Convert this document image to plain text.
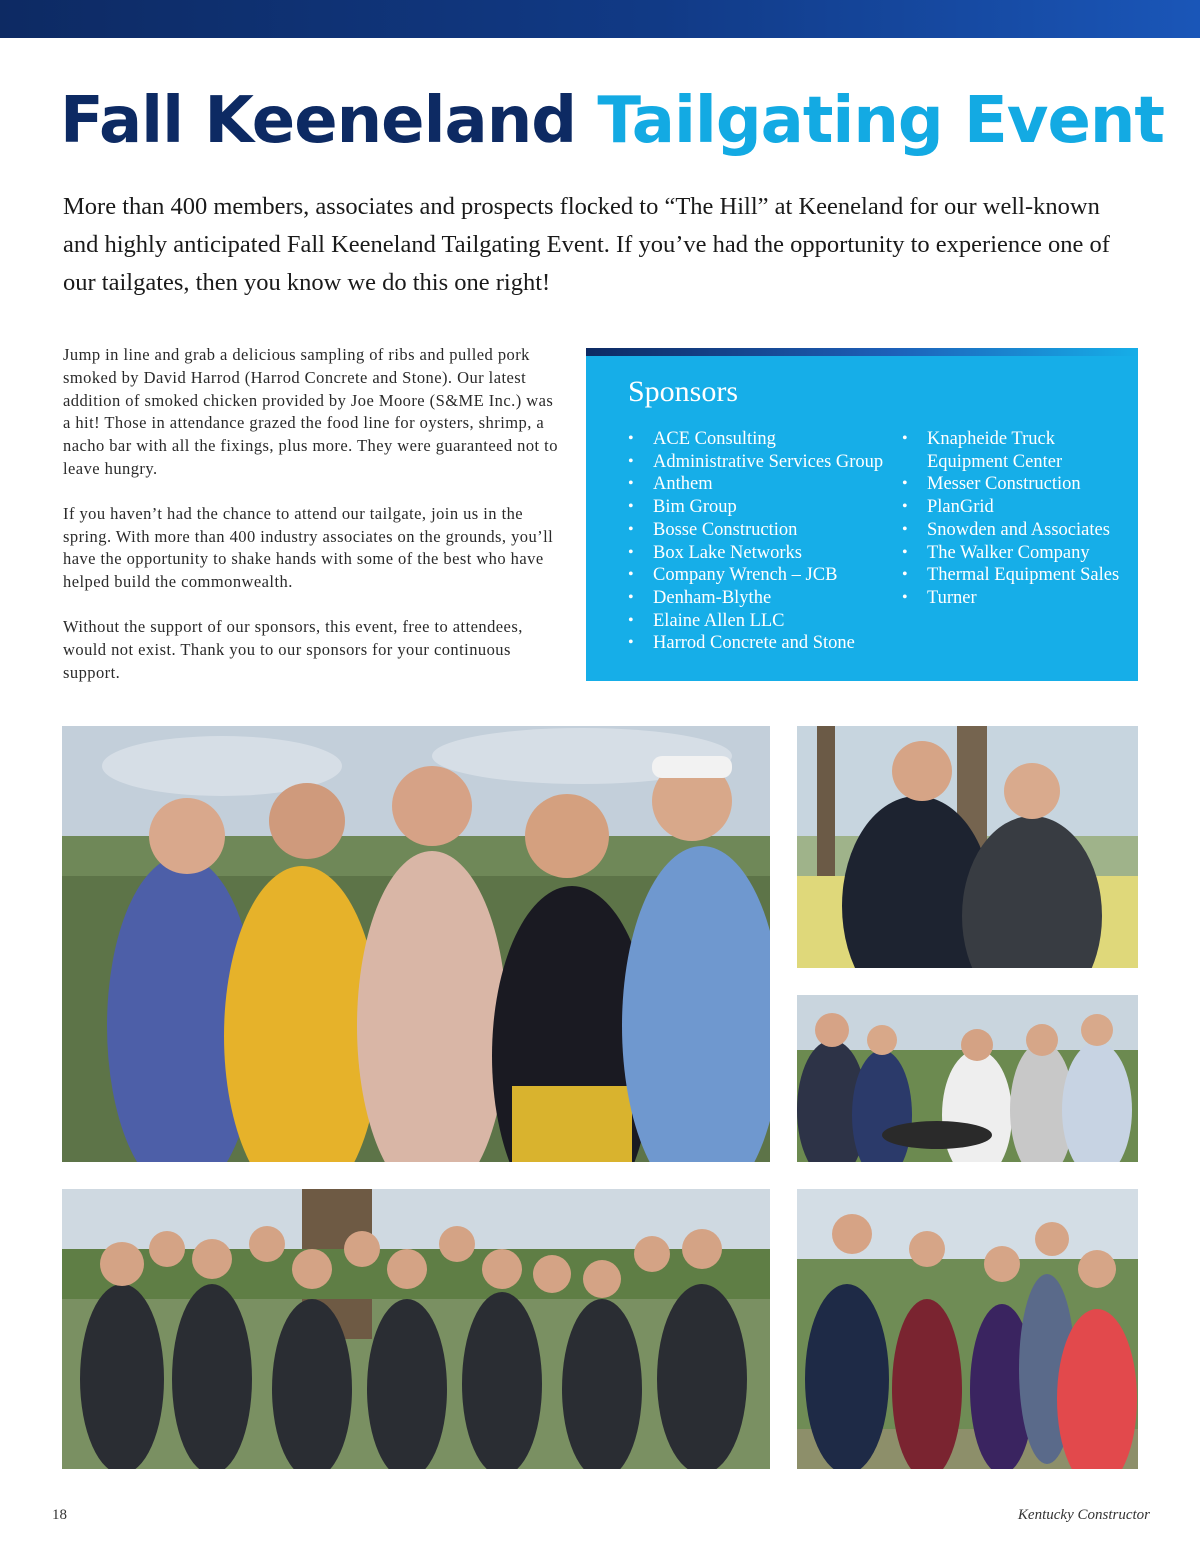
Fall Keeneland Tailgating Event

More than 400 members, associates and prospects flocked to “The Hill” at Keeneland for our well-known and highly anticipated Fall Keeneland Tailgating Event. If you’ve had the opportunity to experience one of our tailgates, then you know we do this one right!

Jump in line and grab a delicious sampling of ribs and pulled pork smoked by David Harrod (Harrod Concrete and Stone). Our latest addition of smoked chicken provided by Joe Moore (S&ME Inc.) was a hit! Those in attendance grazed the food line for oysters, shrimp, a nacho bar with all the fixings, plus more. They were guaranteed not to leave hungry.

If you haven’t had the chance to attend our tailgate, join us in the spring. With more than 400 industry associates on the grounds, you’ll have the opportunity to shake hands with some of the best who have helped build the commonwealth.

Without the support of our sponsors, this event, free to attendees, would not exist. Thank you to our sponsors for your continuous support.

Sponsors
• ACE Consulting
• Administrative Services Group
• Anthem
• Bim Group
• Bosse Construction
• Box Lake Networks
• Company Wrench – JCB
• Denham-Blythe
• Elaine Allen LLC
• Harrod Concrete and Stone
• Knapheide Truck Equipment Center
• Messer Construction
• PlanGrid
• Snowden and Associates
• The Walker Company
• Thermal Equipment Sales
• Turner
18	Kentucky Constructor
